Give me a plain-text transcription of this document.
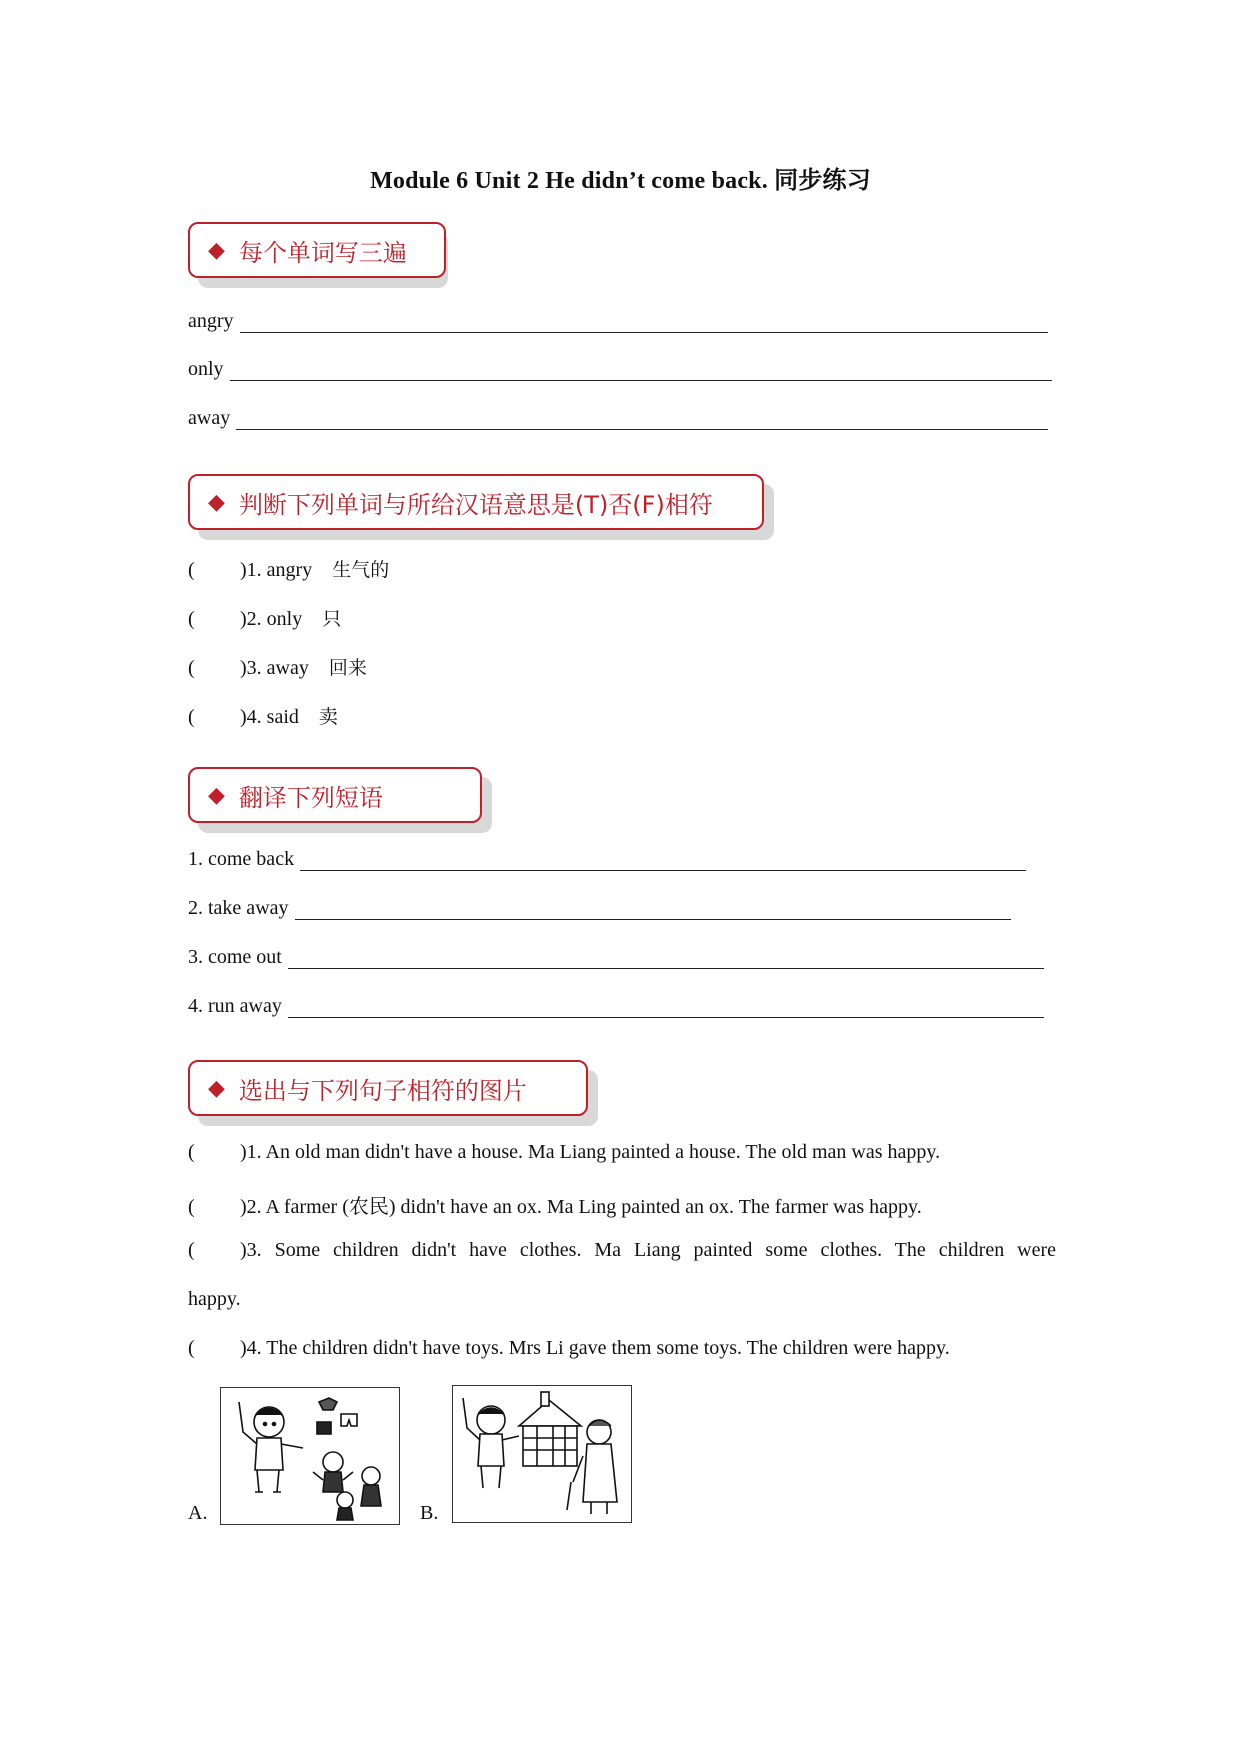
Module 6 Unit 2 He didn’t come back. 同步练习
◆ 每个单词写三遍
angry
only
away
◆ 判断下列单词与所给汉语意思是(T)否(F)相符
( )1. angry 生气的
( )2. only 只
( )3. away 回来
( )4. said 卖
◆ 翻译下列短语
1. come back
2. take away
3. come out
4. run away
◆ 选出与下列句子相符的图片
( )1. An old man didn't have a house. Ma Liang painted a house. The old man was happy.
( )2. A farmer (农民) didn't have an ox. Ma Ling painted an ox. The farmer was happy.
( )3. Some children didn't have clothes. Ma Liang painted some clothes. The children were
happy.
( )4. The children didn't have toys. Mrs Li gave them some toys. The children were happy.
A.	B.
